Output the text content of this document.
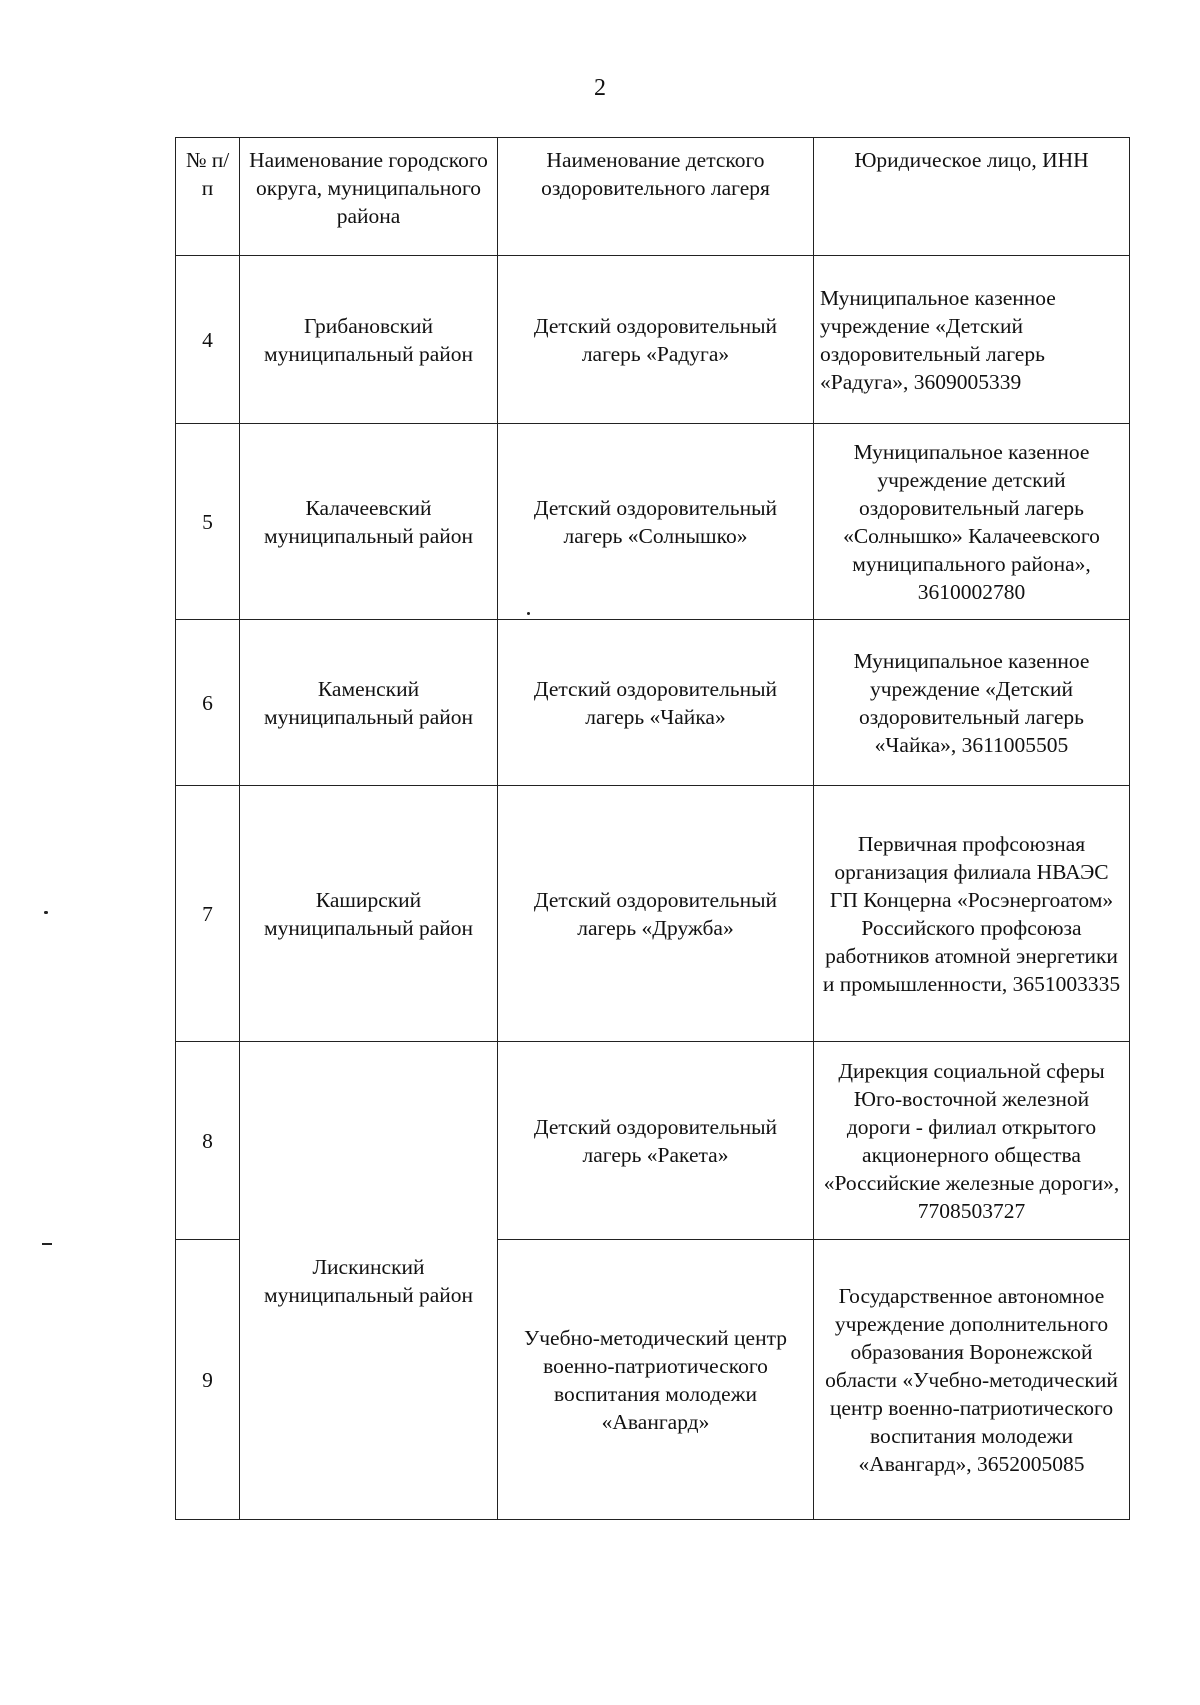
2
№ п/п	Наименование городского округа, муниципального района	Наименование детского оздоровительного лагеря	Юридическое лицо, ИНН
4	Грибановский муниципальный район	Детский оздоровительный лагерь «Радуга»	Муниципальное казенное учреждение «Детский оздоровительный лагерь «Радуга», 3609005339
5	Калачеевский муниципальный район	Детский оздоровительный лагерь «Солнышко»	Муниципальное казенное учреждение детский оздоровительный лагерь «Солнышко» Калачеевского муниципального района», 3610002780
6	Каменский муниципальный район	Детский оздоровительный лагерь «Чайка»	Муниципальное казенное учреждение «Детский оздоровительный лагерь «Чайка», 3611005505
7	Каширский муниципальный район	Детский оздоровительный лагерь «Дружба»	Первичная профсоюзная организация филиала НВАЭС ГП Концерна «Росэнергоатом» Российского профсоюза работников атомной энергетики и промышленности, 3651003335
8	Лискинский муниципальный район	Детский оздоровительный лагерь «Ракета»	Дирекция социальной сферы Юго-восточной железной дороги - филиал открытого акционерного общества «Российские железные дороги», 7708503727
9		Учебно-методический центр военно-патриотического воспитания молодежи «Авангард»	Государственное автономное учреждение дополнительного образования Воронежской области «Учебно-методический центр военно-патриотического воспитания молодежи «Авангард», 3652005085
